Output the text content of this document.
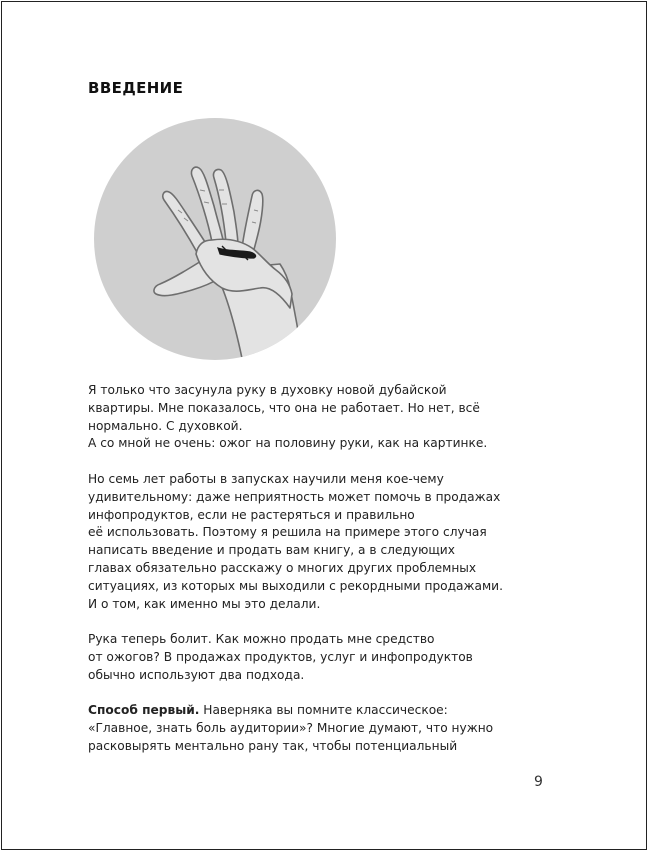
ВВЕДЕНИЕ

Я только что засунула руку в духовку новой дубайской
квартиры. Мне показалось, что она не работает. Но нет, всё
нормально. С духовкой.
А со мной не очень: ожог на половину руки, как на картинке.

Но семь лет работы в запусках научили меня кое-чему
удивительному: даже неприятность может помочь в продажах
инфопродуктов, если не растеряться и правильно
её использовать. Поэтому я решила на примере этого случая
написать введение и продать вам книгу, а в следующих
главах обязательно расскажу о многих других проблемных
ситуациях, из которых мы выходили с рекордными продажами.
И о том, как именно мы это делали.

Рука теперь болит. Как можно продать мне средство
от ожогов? В продажах продуктов, услуг и инфопродуктов
обычно используют два подхода.

Способ первый. Наверняка вы помните классическое:
«Главное, знать боль аудитории»? Многие думают, что нужно
расковырять ментально рану так, чтобы потенциальный

9
